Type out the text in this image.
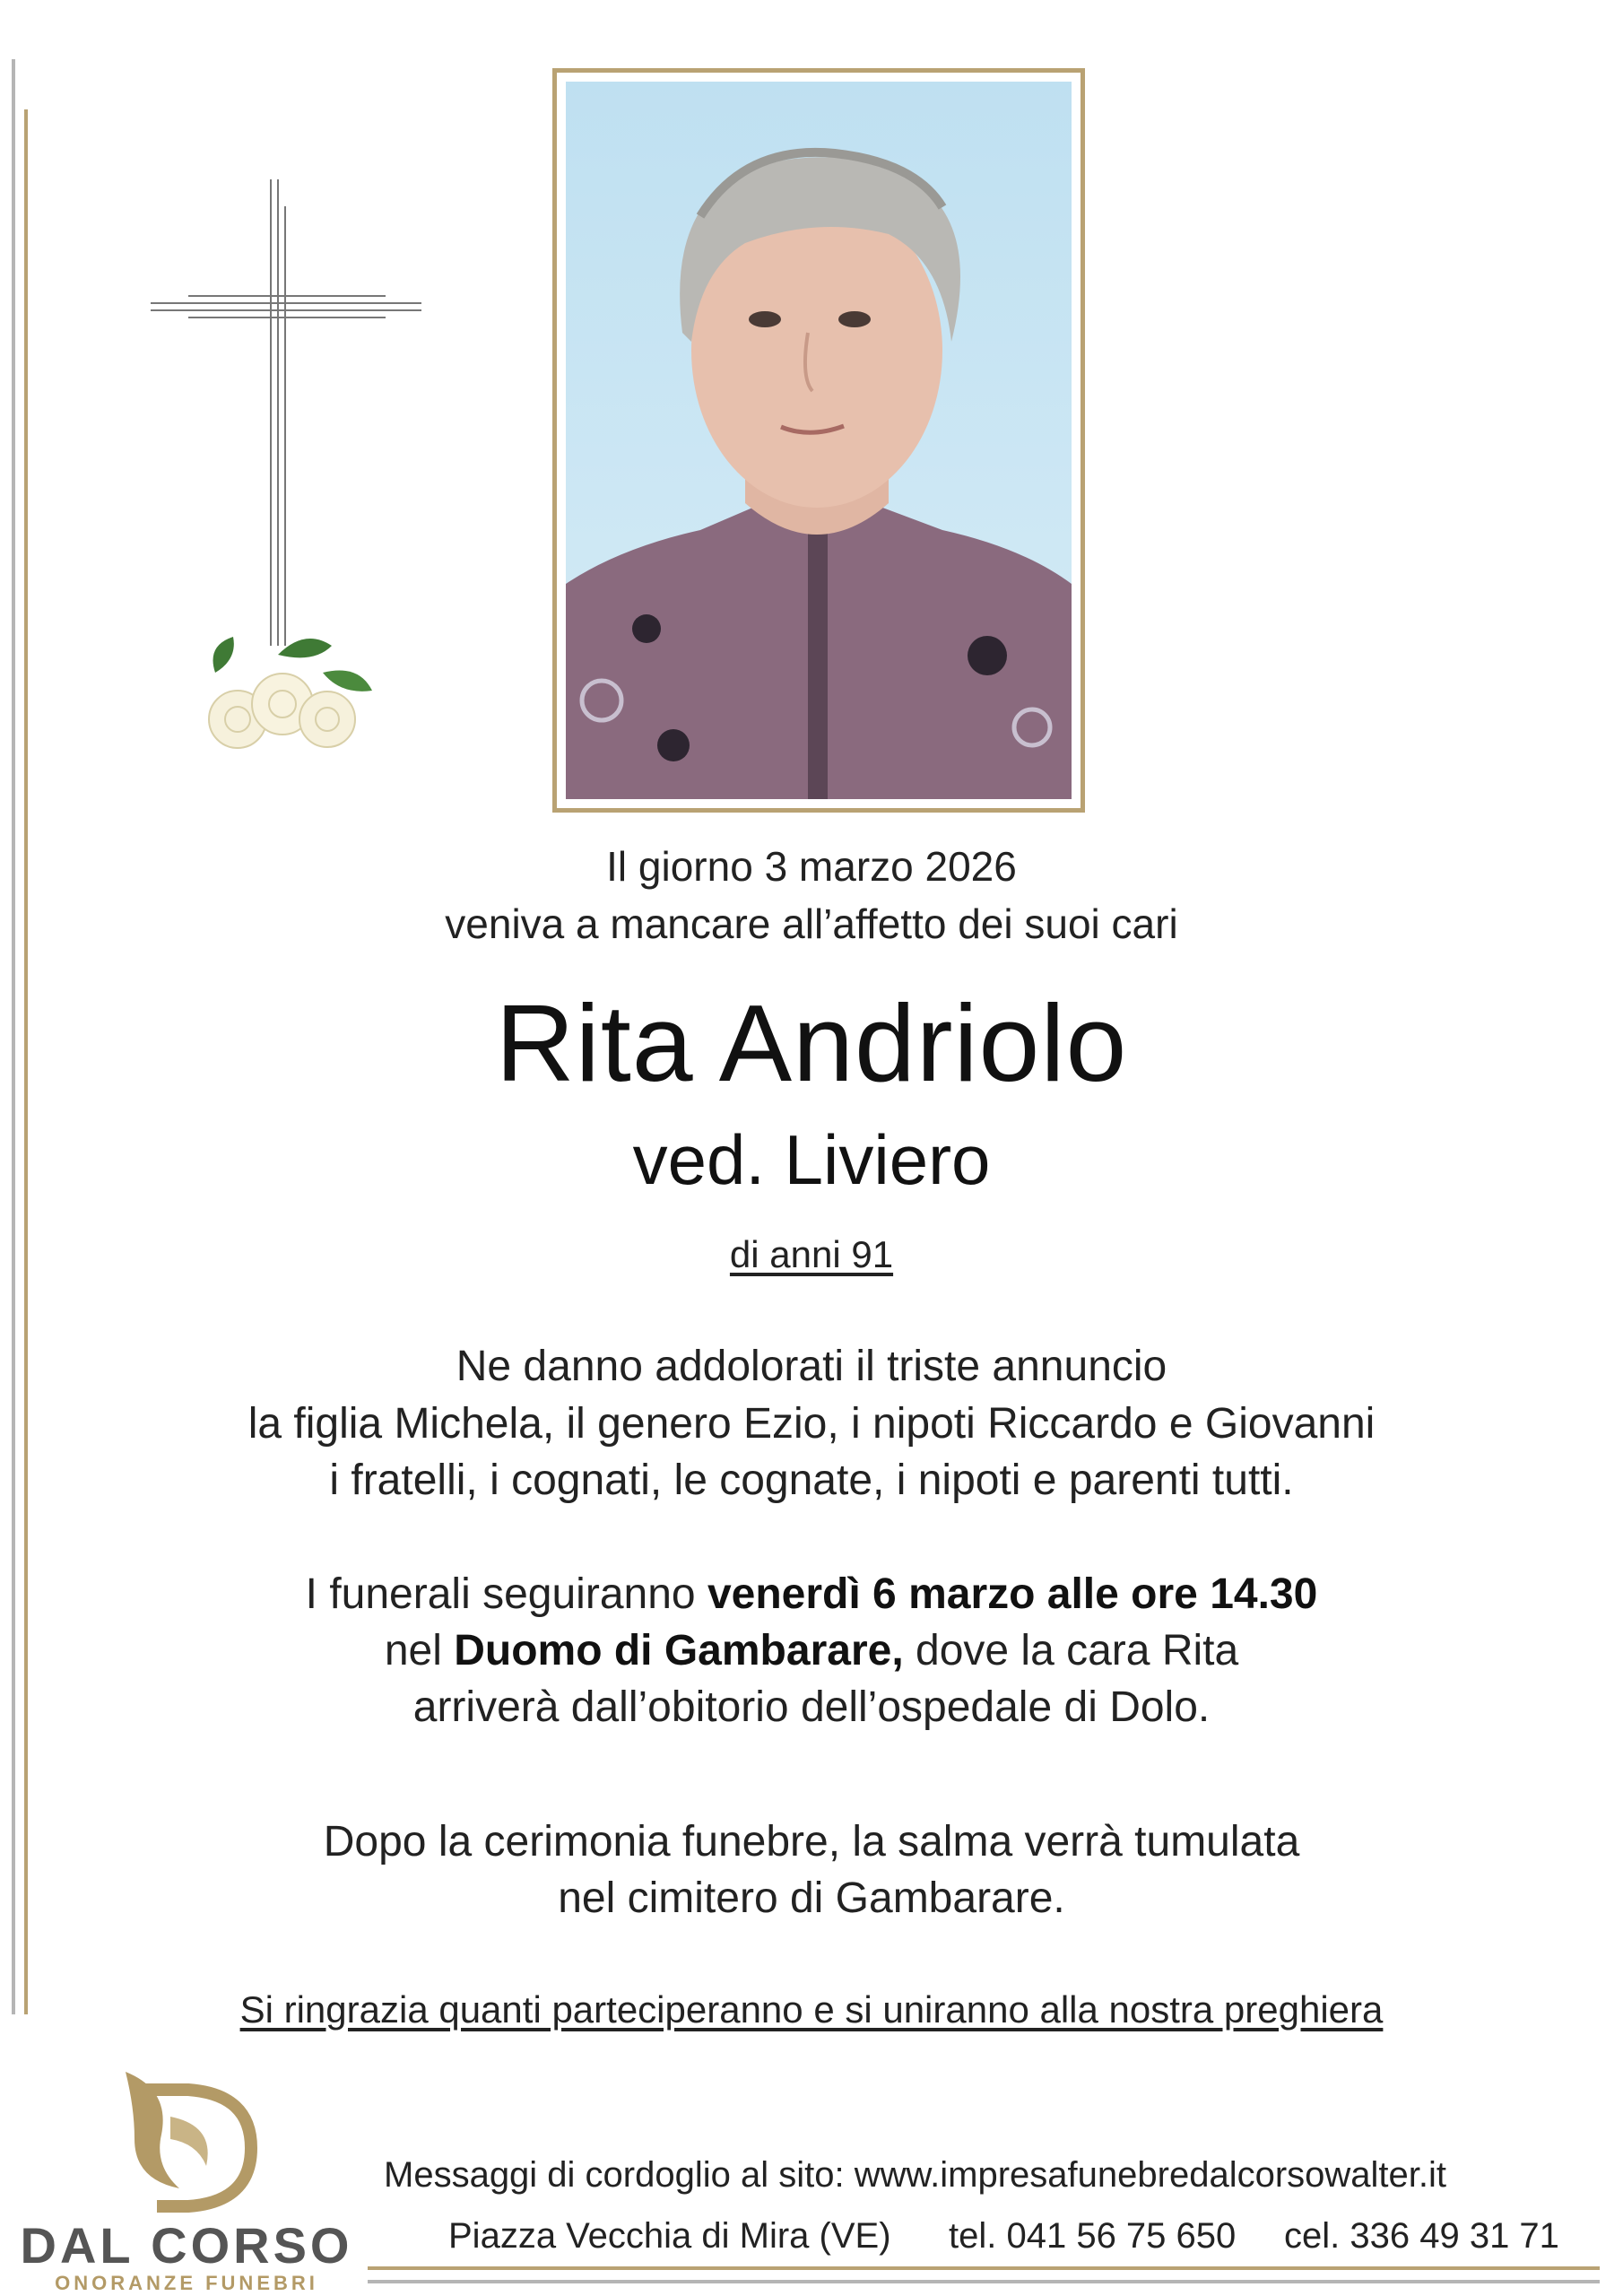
Il giorno 3 marzo 2026
veniva a mancare all’affetto dei suoi cari
Rita Andriolo
ved. Liviero
di anni 91
Ne danno addolorati il triste annuncio
la figlia Michela, il genero Ezio, i nipoti Riccardo e Giovanni
i fratelli, i cognati, le cognate, i nipoti e parenti tutti.
I funerali seguiranno venerdì 6 marzo alle ore 14.30
nel Duomo di Gambarare, dove la cara Rita
arriverà dall’obitorio dell’ospedale di Dolo.
Dopo la cerimonia funebre, la salma verrà tumulata
nel cimitero di Gambarare.
Si ringrazia quanti parteciperanno e si uniranno alla nostra preghiera
DAL CORSO
ONORANZE FUNEBRI
Messaggi di cordoglio al sito: www.impresafunebredalcorsowalter.it
Piazza Vecchia di Mira (VE) tel. 041 56 75 650 cel. 336 49 31 71
